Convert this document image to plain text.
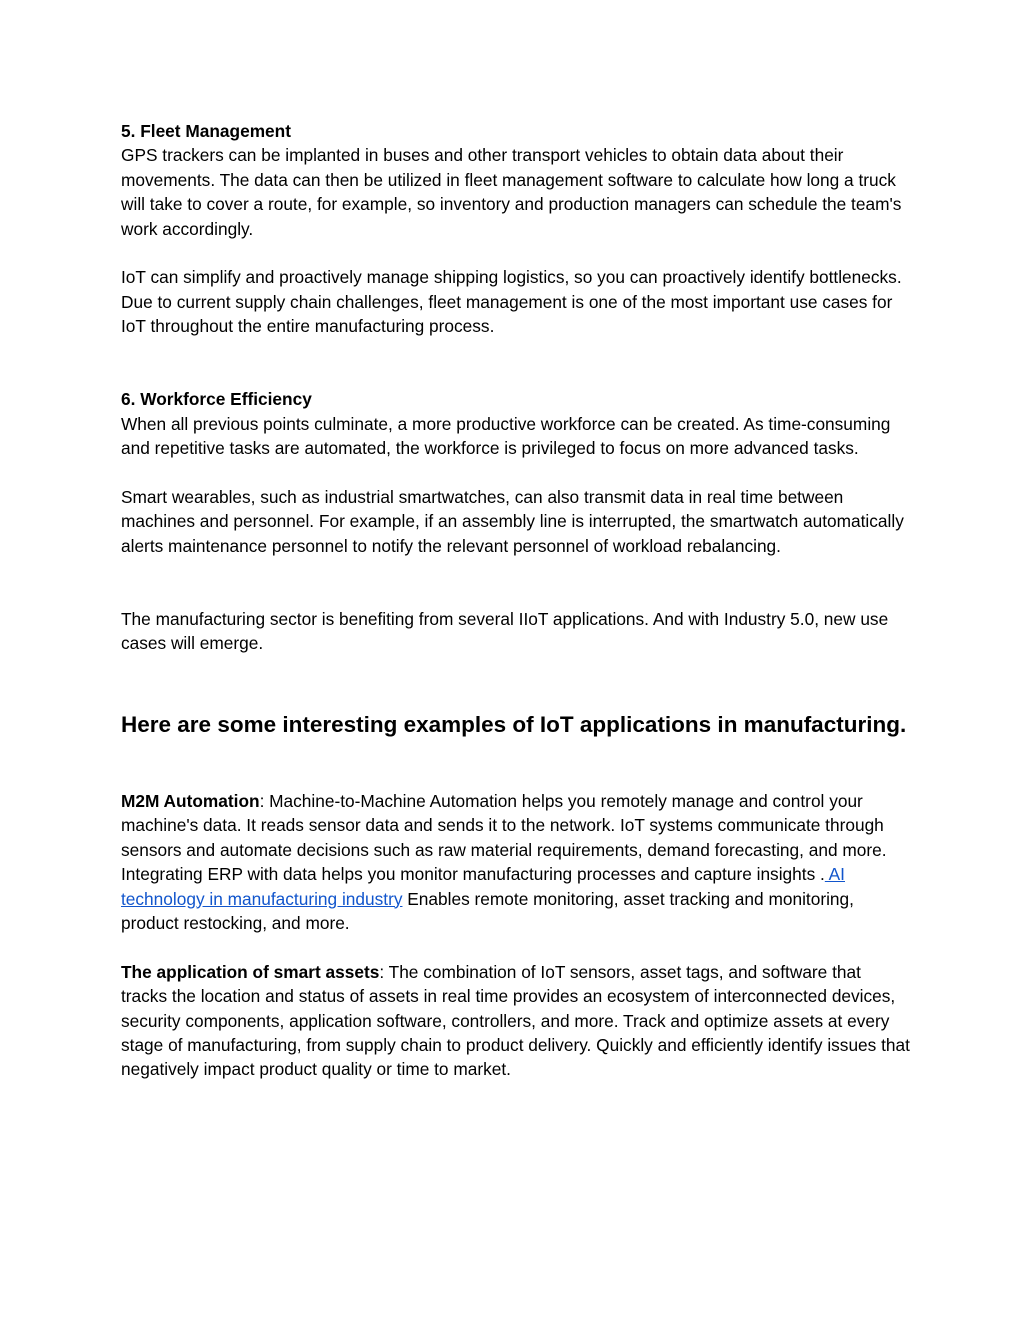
5. Fleet Management

GPS trackers can be implanted in buses and other transport vehicles to obtain data about their movements. The data can then be utilized in fleet management software to calculate how long a truck will take to cover a route, for example, so inventory and production managers can schedule the team's work accordingly.

IoT can simplify and proactively manage shipping logistics, so you can proactively identify bottlenecks. Due to current supply chain challenges, fleet management is one of the most important use cases for IoT throughout the entire manufacturing process.

6. Workforce Efficiency

When all previous points culminate, a more productive workforce can be created. As time-consuming and repetitive tasks are automated, the workforce is privileged to focus on more advanced tasks.

Smart wearables, such as industrial smartwatches, can also transmit data in real time between machines and personnel. For example, if an assembly line is interrupted, the smartwatch automatically alerts maintenance personnel to notify the relevant personnel of workload rebalancing.

The manufacturing sector is benefiting from several IIoT applications. And with Industry 5.0, new use cases will emerge.

Here are some interesting examples of IoT applications in manufacturing.

M2M Automation: Machine-to-Machine Automation helps you remotely manage and control your machine's data. It reads sensor data and sends it to the network. IoT systems communicate through sensors and automate decisions such as raw material requirements, demand forecasting, and more. Integrating ERP with data helps you monitor manufacturing processes and capture insights . AI technology in manufacturing industry Enables remote monitoring, asset tracking and monitoring, product restocking, and more.

The application of smart assets: The combination of IoT sensors, asset tags, and software that tracks the location and status of assets in real time provides an ecosystem of interconnected devices, security components, application software, controllers, and more. Track and optimize assets at every stage of manufacturing, from supply chain to product delivery. Quickly and efficiently identify issues that negatively impact product quality or time to market.
